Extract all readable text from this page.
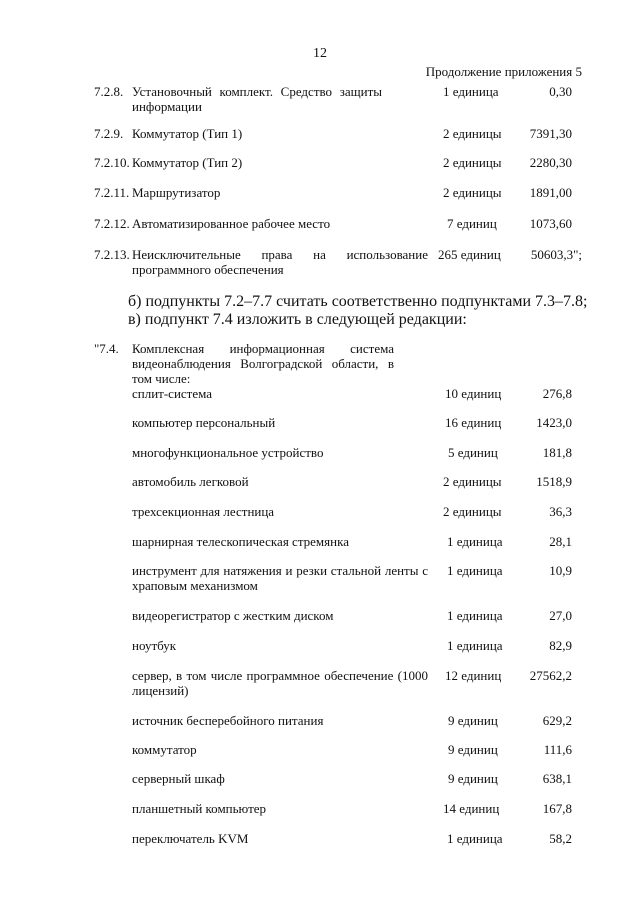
12
Продолжение приложения 5
7.2.8. Установочный комплект. Средство защиты информации
1 единица	0,30
7.2.9. Коммутатор (Тип 1)	2 единицы	7391,30
7.2.10. Коммутатор (Тип 2)	2 единицы	2280,30
7.2.11. Маршрутизатор	2 единицы	1891,00
7.2.12. Автоматизированное рабочее место	7 единиц	1073,60
7.2.13. Неисключительные права на использование программного обеспечения
265 единиц	50603,3";
б) подпункты 7.2–7.7 считать соответственно подпунктами 7.3–7.8;
в) подпункт 7.4 изложить в следующей редакции:
"7.4. Комплексная информационная система видеонаблюдения Волгоградской области, в том числе:
сплит-система	10 единиц	276,8
компьютер персональный	16 единиц	1423,0
многофункциональное устройство	5 единиц	181,8
автомобиль легковой	2 единицы	1518,9
трехсекционная лестница	2 единицы	36,3
шарнирная телескопическая стремянка	1 единица	28,1
инструмент для натяжения и резки стальной ленты с храповым механизмом
1 единица	10,9
видеорегистратор с жестким диском	1 единица	27,0
ноутбук	1 единица	82,9
сервер, в том числе программное обеспечение (1000 лицензий)
12 единиц	27562,2
источник бесперебойного питания	9 единиц	629,2
коммутатор	9 единиц	111,6
серверный шкаф	9 единиц	638,1
планшетный компьютер	14 единиц	167,8
переключатель KVM	1 единица	58,2
